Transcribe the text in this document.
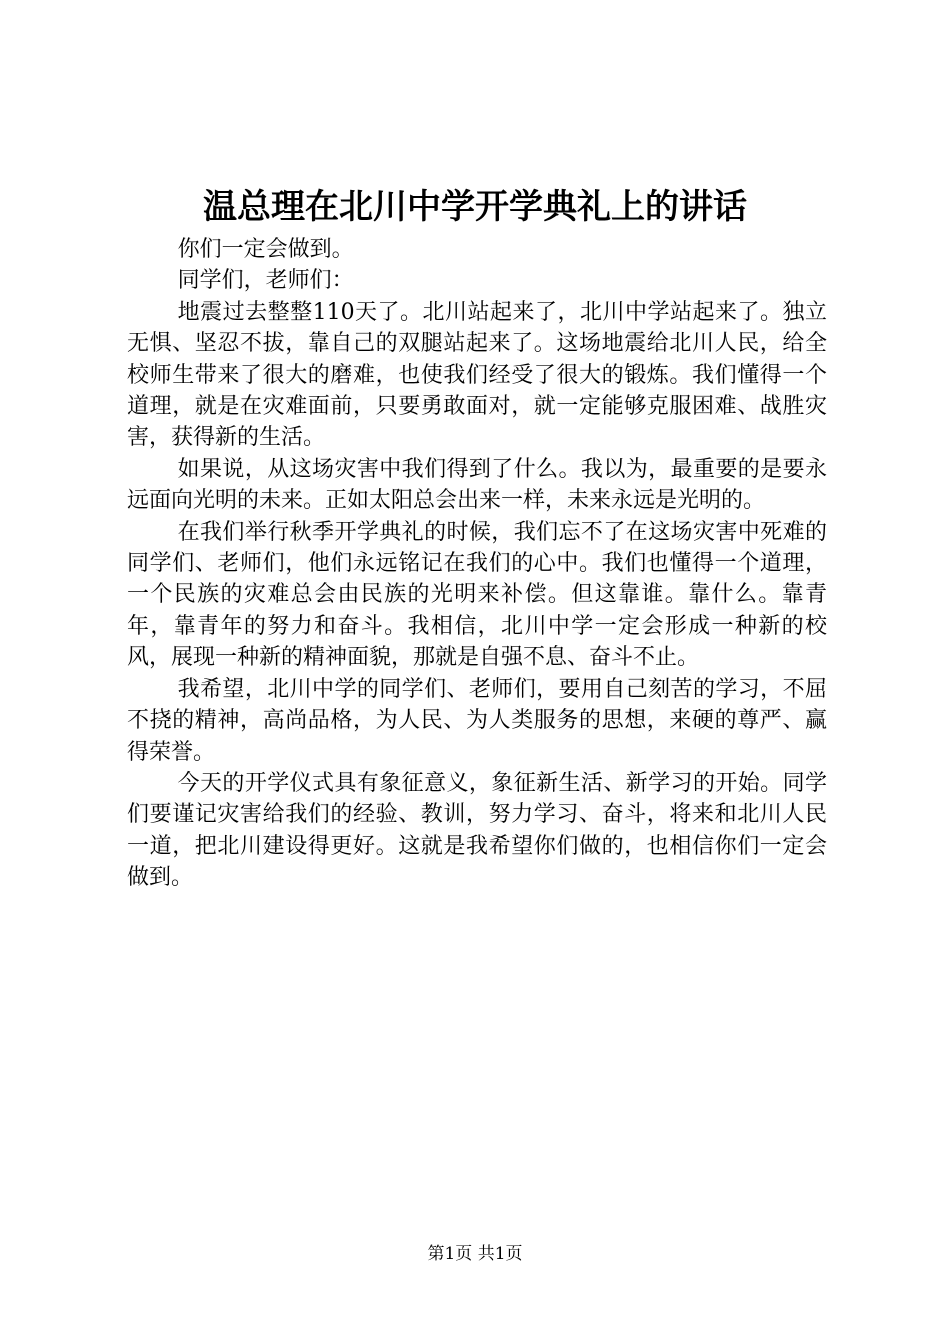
温总理在北川中学开学典礼上的讲话

你们一定会做到。

同学们，老师们：

地震过去整整110天了。北川站起来了，北川中学站起来了。独立无惧、坚忍不拔，靠自己的双腿站起来了。这场地震给北川人民，给全校师生带来了很大的磨难，也使我们经受了很大的锻炼。我们懂得一个道理，就是在灾难面前，只要勇敢面对，就一定能够克服困难、战胜灾害，获得新的生活。

如果说，从这场灾害中我们得到了什么。我以为，最重要的是要永远面向光明的未来。正如太阳总会出来一样，未来永远是光明的。

在我们举行秋季开学典礼的时候，我们忘不了在这场灾害中死难的同学们、老师们，他们永远铭记在我们的心中。我们也懂得一个道理，一个民族的灾难总会由民族的光明来补偿。但这靠谁。靠什么。靠青年，靠青年的努力和奋斗。我相信，北川中学一定会形成一种新的校风，展现一种新的精神面貌，那就是自强不息、奋斗不止。

我希望，北川中学的同学们、老师们，要用自己刻苦的学习，不屈不挠的精神，高尚品格，为人民、为人类服务的思想，来硬的尊严、赢得荣誉。

今天的开学仪式具有象征意义，象征新生活、新学习的开始。同学们要谨记灾害给我们的经验、教训，努力学习、奋斗，将来和北川人民一道，把北川建设得更好。这就是我希望你们做的，也相信你们一定会做到。

第1页 共1页
